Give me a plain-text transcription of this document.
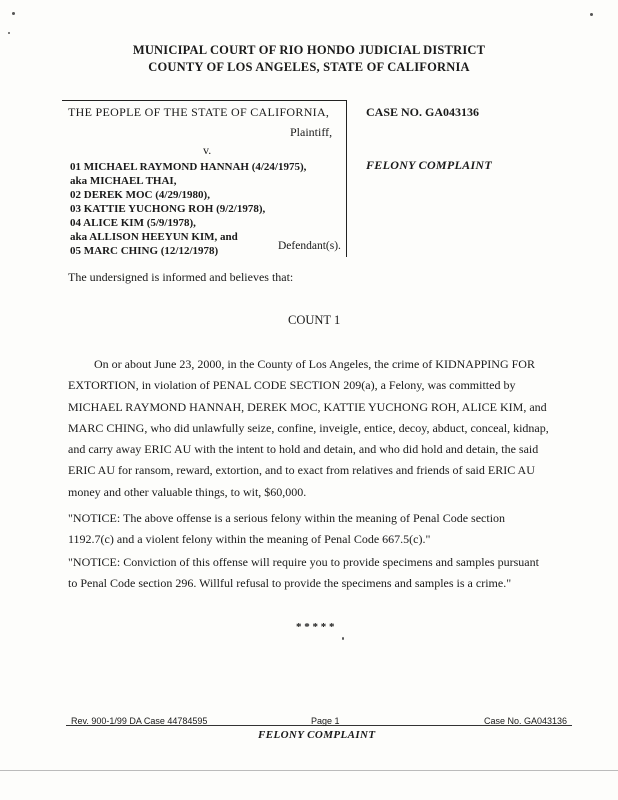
MUNICIPAL COURT OF RIO HONDO JUDICIAL DISTRICT
COUNTY OF LOS ANGELES, STATE OF CALIFORNIA
THE PEOPLE OF THE STATE OF CALIFORNIA,
Plaintiff,
v.
01 MICHAEL RAYMOND HANNAH (4/24/1975),
aka MICHAEL THAI,
02 DEREK MOC (4/29/1980),
03 KATTIE YUCHONG ROH (9/2/1978),
04 ALICE KIM (5/9/1978),
aka ALLISON HEEYUN KIM, and
05 MARC CHING (12/12/1978)	Defendant(s).
CASE NO. GA043136
FELONY COMPLAINT
The undersigned is informed and believes that:
COUNT 1
On or about June 23, 2000, in the County of Los Angeles, the crime of KIDNAPPING FOR
EXTORTION, in violation of PENAL CODE SECTION 209(a), a Felony, was committed by
MICHAEL RAYMOND HANNAH, DEREK MOC, KATTIE YUCHONG ROH, ALICE KIM, and
MARC CHING, who did unlawfully seize, confine, inveigle, entice, decoy, abduct, conceal, kidnap,
and carry away ERIC AU with the intent to hold and detain, and who did hold and detain, the said
ERIC AU for ransom, reward, extortion, and to exact from relatives and friends of said ERIC AU
money and other valuable things, to wit, $60,000.
"NOTICE: The above offense is a serious felony within the meaning of Penal Code section
1192.7(c) and a violent felony within the meaning of Penal Code 667.5(c)."
"NOTICE: Conviction of this offense will require you to provide specimens and samples pursuant
to Penal Code section 296. Willful refusal to provide the specimens and samples is a crime."
* * * * *
Rev. 900-1/99 DA Case 44784595	Page 1	Case No. GA043136
FELONY COMPLAINT
